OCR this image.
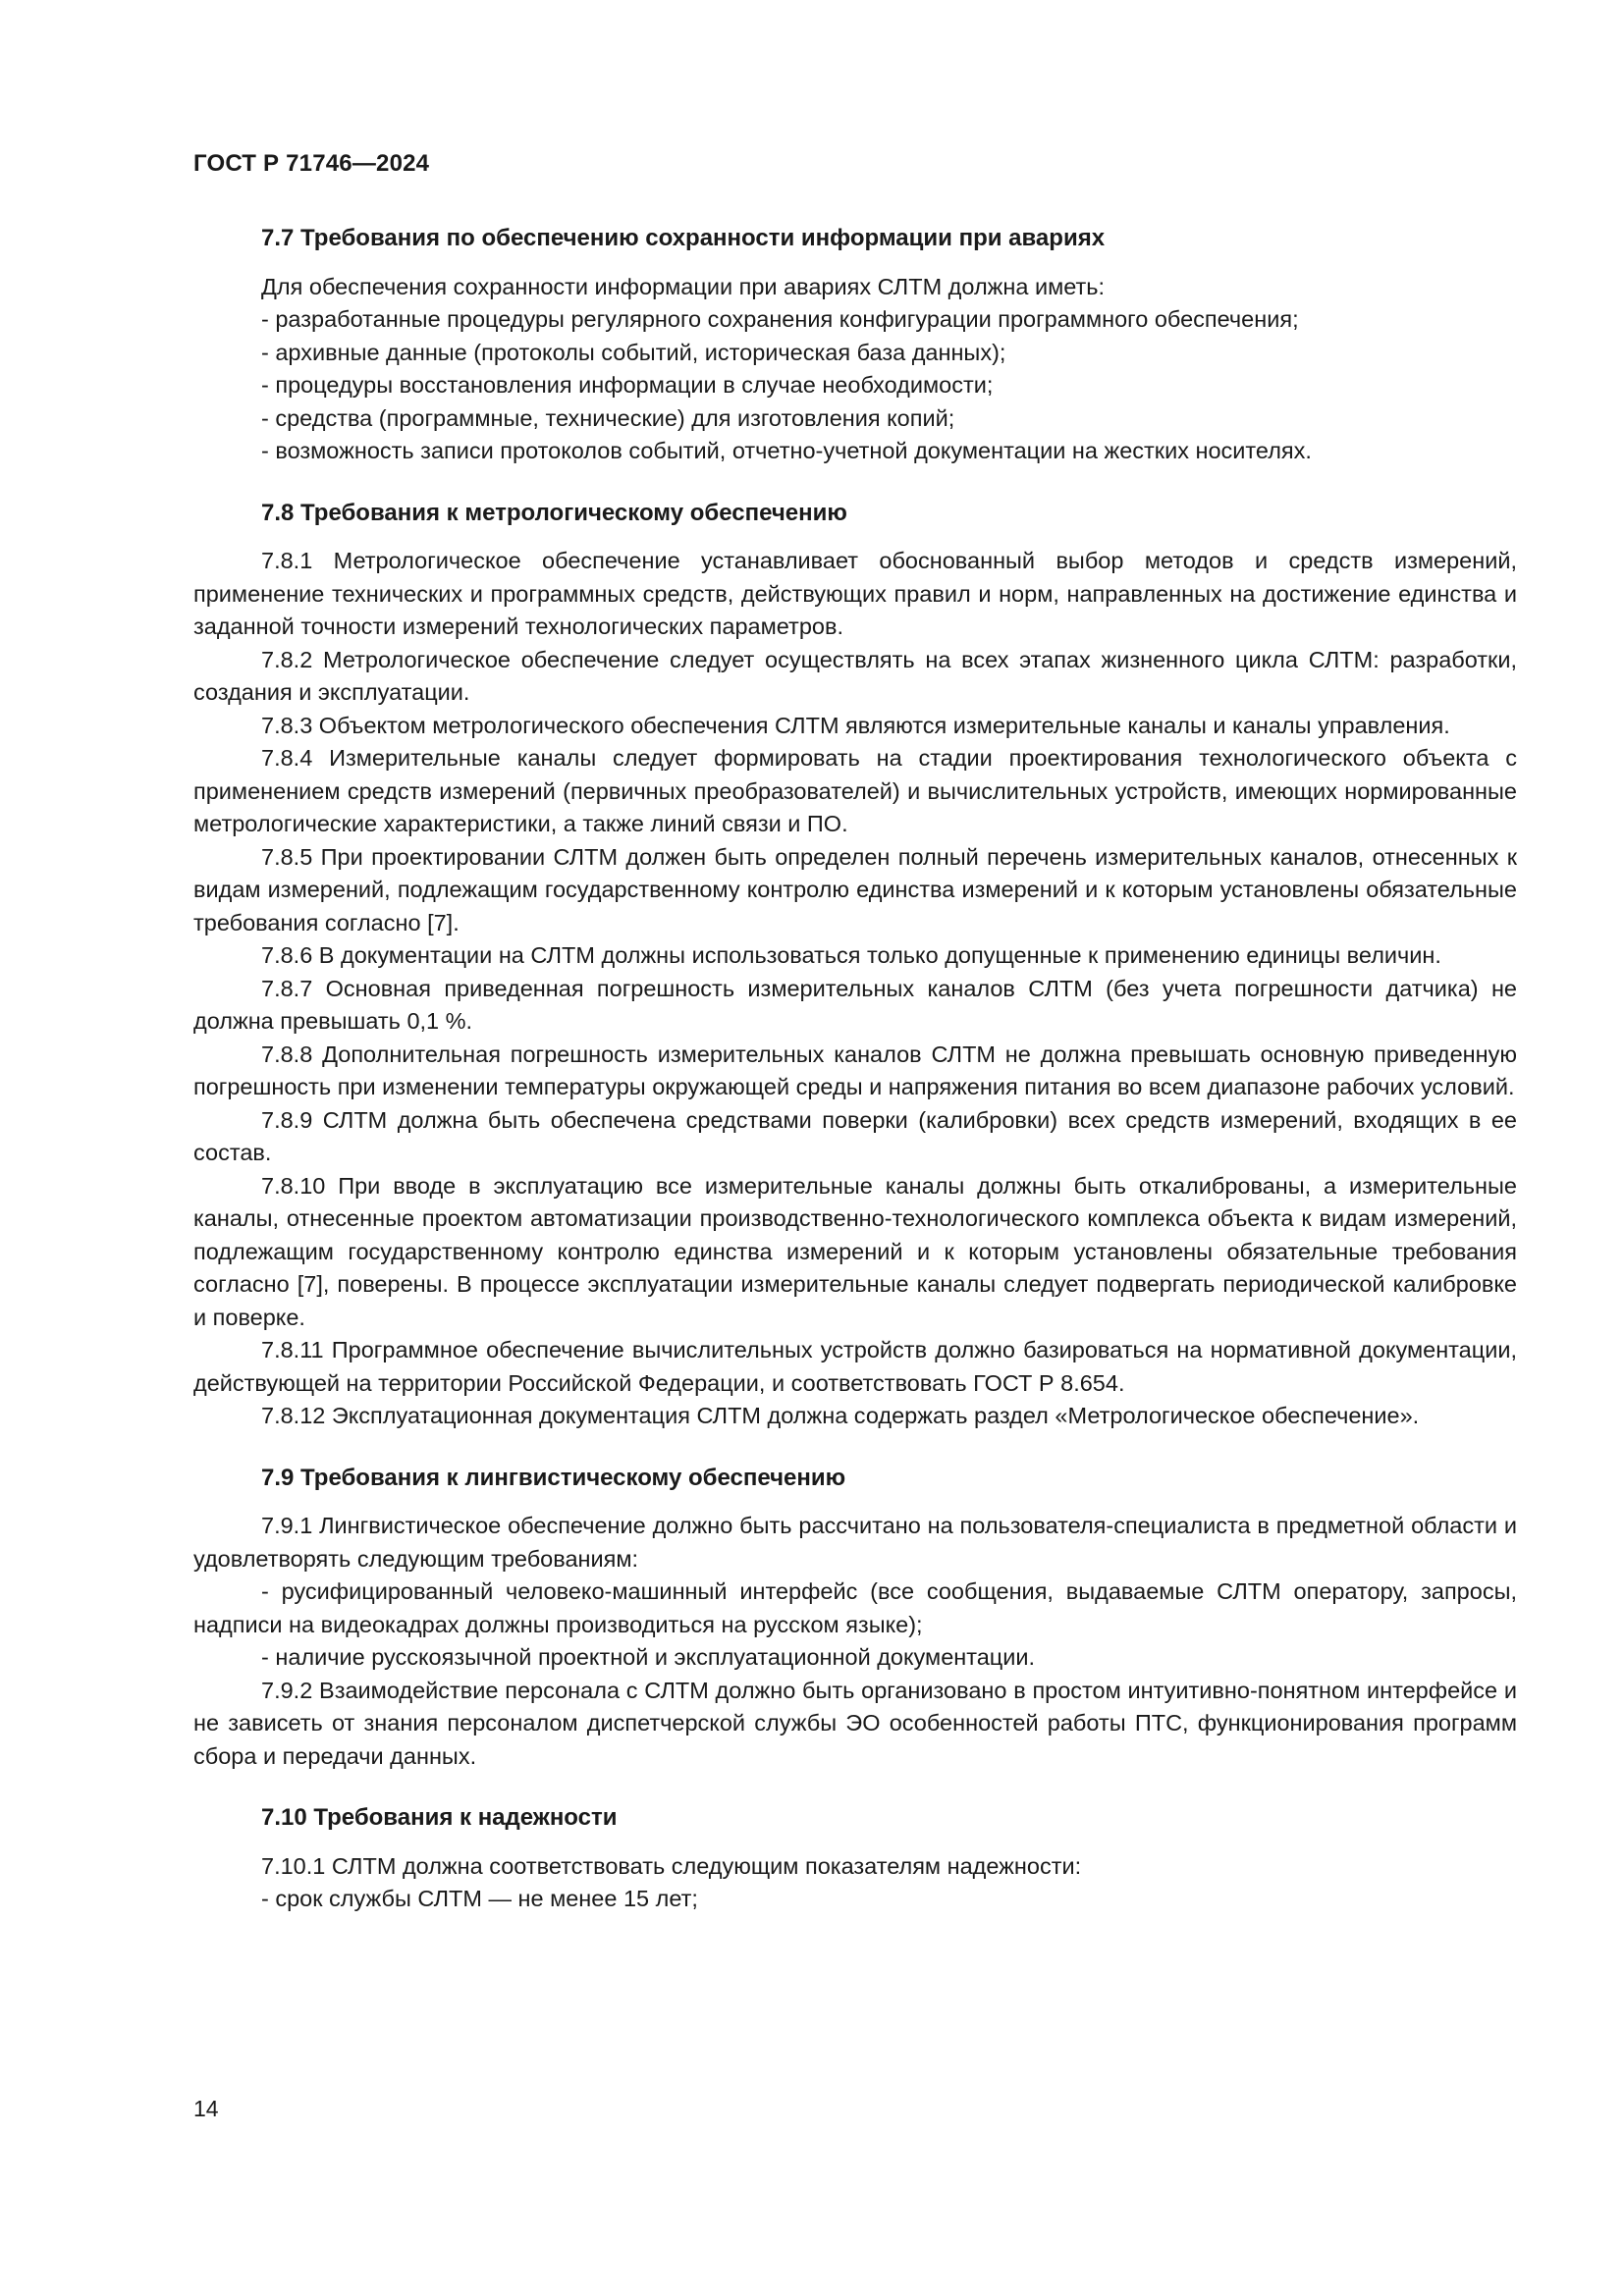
ГОСТ Р 71746—2024
7.7 Требования по обеспечению сохранности информации при авариях

Для обеспечения сохранности информации при авариях СЛТМ должна иметь:

- разработанные процедуры регулярного сохранения конфигурации программного обеспечения;

- архивные данные (протоколы событий, историческая база данных);

- процедуры восстановления информации в случае необходимости;

- средства (программные, технические) для изготовления копий;

- возможность записи протоколов событий, отчетно-учетной документации на жестких носителях.

7.8 Требования к метрологическому обеспечению

7.8.1 Метрологическое обеспечение устанавливает обоснованный выбор методов и средств измерений, применение технических и программных средств, действующих правил и норм, направленных на достижение единства и заданной точности измерений технологических параметров.

7.8.2 Метрологическое обеспечение следует осуществлять на всех этапах жизненного цикла СЛТМ: разработки, создания и эксплуатации.

7.8.3 Объектом метрологического обеспечения СЛТМ являются измерительные каналы и каналы управления.

7.8.4 Измерительные каналы следует формировать на стадии проектирования технологического объекта с применением средств измерений (первичных преобразователей) и вычислительных устройств, имеющих нормированные метрологические характеристики, а также линий связи и ПО.

7.8.5 При проектировании СЛТМ должен быть определен полный перечень измерительных каналов, отнесенных к видам измерений, подлежащим государственному контролю единства измерений и к которым установлены обязательные требования согласно [7].

7.8.6 В документации на СЛТМ должны использоваться только допущенные к применению единицы величин.

7.8.7 Основная приведенная погрешность измерительных каналов СЛТМ (без учета погрешности датчика) не должна превышать 0,1 %.

7.8.8 Дополнительная погрешность измерительных каналов СЛТМ не должна превышать основную приведенную погрешность при изменении температуры окружающей среды и напряжения питания во всем диапазоне рабочих условий.

7.8.9 СЛТМ должна быть обеспечена средствами поверки (калибровки) всех средств измерений, входящих в ее состав.

7.8.10 При вводе в эксплуатацию все измерительные каналы должны быть откалиброваны, а измерительные каналы, отнесенные проектом автоматизации производственно-технологического комплекса объекта к видам измерений, подлежащим государственному контролю единства измерений и к которым установлены обязательные требования согласно [7], поверены. В процессе эксплуатации измерительные каналы следует подвергать периодической калибровке и поверке.

7.8.11 Программное обеспечение вычислительных устройств должно базироваться на нормативной документации, действующей на территории Российской Федерации, и соответствовать ГОСТ Р 8.654.

7.8.12 Эксплуатационная документация СЛТМ должна содержать раздел «Метрологическое обеспечение».

7.9 Требования к лингвистическому обеспечению

7.9.1 Лингвистическое обеспечение должно быть рассчитано на пользователя-специалиста в предметной области и удовлетворять следующим требованиям:

- русифицированный человеко-машинный интерфейс (все сообщения, выдаваемые СЛТМ оператору, запросы, надписи на видеокадрах должны производиться на русском языке);

- наличие русскоязычной проектной и эксплуатационной документации.

7.9.2 Взаимодействие персонала с СЛТМ должно быть организовано в простом интуитивно-понятном интерфейсе и не зависеть от знания персоналом диспетчерской службы ЭО особенностей работы ПТС, функционирования программ сбора и передачи данных.

7.10 Требования к надежности

7.10.1 СЛТМ должна соответствовать следующим показателям надежности:

- срок службы СЛТМ — не менее 15 лет;

14
